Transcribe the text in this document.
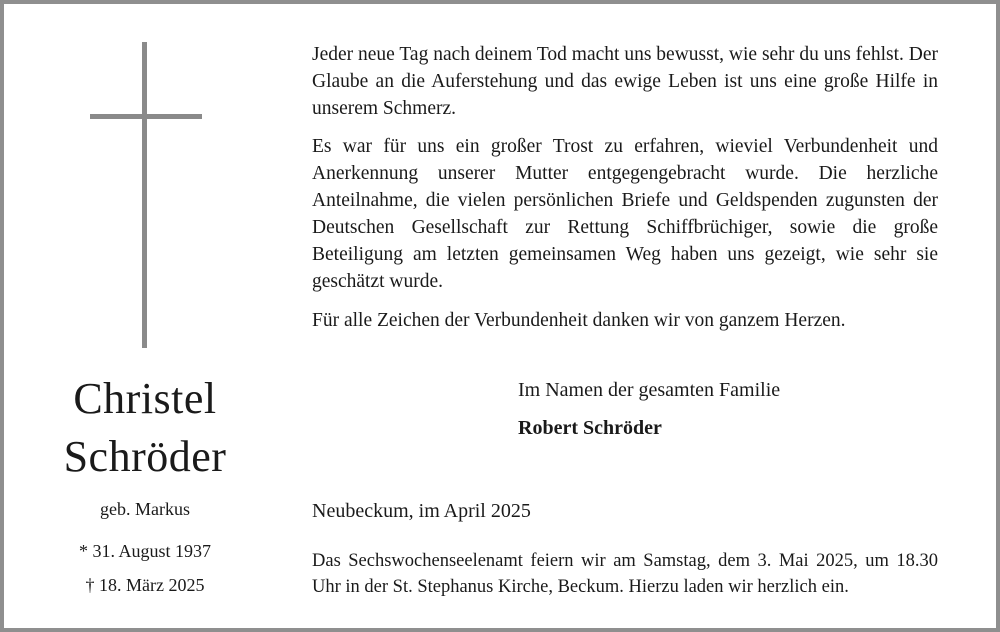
Christel
Schröder
geb. Markus
* 31. August 1937
† 18. März 2025
Jeder neue Tag nach deinem Tod macht uns bewusst, wie sehr du uns fehlst. Der Glaube an die Auferstehung und das ewige Leben ist uns eine große Hilfe in unserem Schmerz.
Es war für uns ein großer Trost zu erfahren, wieviel Verbundenheit und Anerkennung unserer Mutter entgegengebracht wurde. Die herzliche Anteilnahme, die vielen persönlichen Briefe und Geldspenden zugunsten der Deutschen Gesellschaft zur Rettung Schiffbrüchiger, sowie die große Beteiligung am letzten gemeinsamen Weg haben uns gezeigt, wie sehr sie geschätzt wurde.
Für alle Zeichen der Verbundenheit danken wir von ganzem Herzen.
Im Namen der gesamten Familie
Robert Schröder
Neubeckum, im April 2025
Das Sechswochenseelenamt feiern wir am Samstag, dem 3. Mai 2025, um 18.30 Uhr in der St. Stephanus Kirche, Beckum. Hierzu laden wir herzlich ein.
